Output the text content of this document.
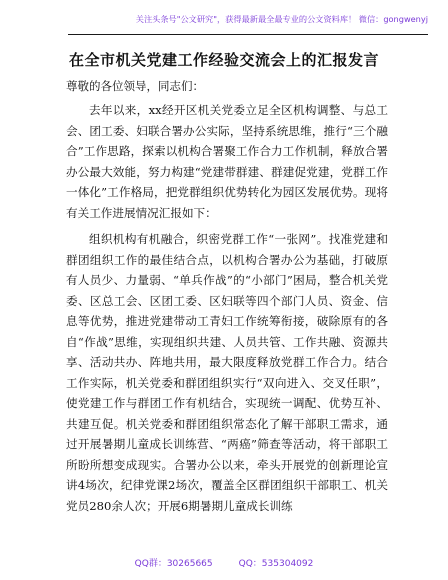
关注头条号"公文研究"，获得最新最全最专业的公文资料库！ 微信：gongwenyj
在全市机关党建工作经验交流会上的汇报发言
尊敬的各位领导，同志们：

去年以来，xx经开区机关党委立足全区机构调整、与总工会、团工委、妇联合署办公实际，坚持系统思维，推行“三个融合”工作思路，探索以机构合署聚工作合力工作机制，释放合署办公最大效能，努力构建“党建带群建、群建促党建，党群工作一体化”工作格局，把党群组织优势转化为园区发展优势。现将有关工作进展情况汇报如下：

组织机构有机融合，织密党群工作“一张网”。找准党建和群团组织工作的最佳结合点，以机构合署办公为基础，打破原有人员少、力量弱、“单兵作战”的“小部门”困局，整合机关党委、区总工会、区团工委、区妇联等四个部门人员、资金、信息等优势，推进党建带动工青妇工作统筹衔接，破除原有的各自“作战”思维，实现组织共建、人员共管、工作共融、资源共享、活动共办、阵地共用，最大限度释放党群工作合力。结合工作实际，机关党委和群团组织实行“双向进入、交叉任职”，使党建工作与群团工作有机结合，实现统一调配、优势互补、共建互促。机关党委和群团组织常态化了解干部职工需求，通过开展暑期儿童成长训练营、“两癌”筛查等活动，将干部职工所盼所想变成现实。合署办公以来，牵头开展党的创新理论宣讲4场次，纪律党课2场次，覆盖全区群团组织干部职工、机关党员280余人次；开展6期暑期儿童成长训练

QQ群：30265665	QQ：535304092
